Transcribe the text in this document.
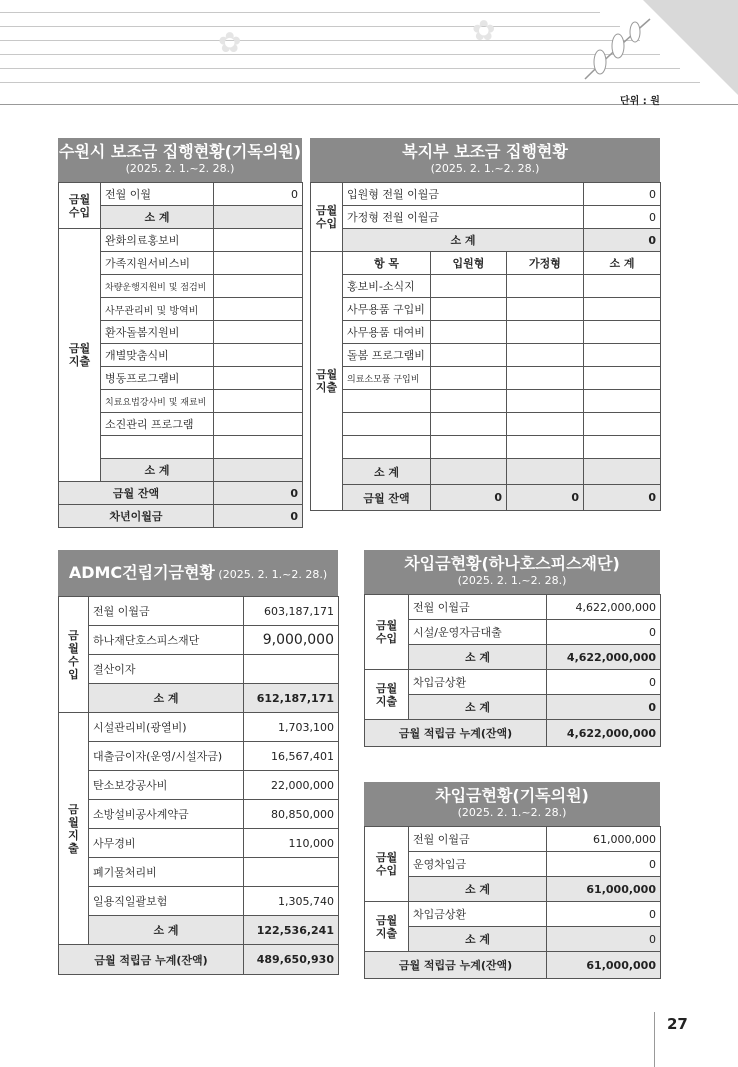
✿	✿
단위 : 원
수원시 보조금 집행현황(기독의원)
(2025. 2. 1.~2. 28.)
금월 수입	전월 이월	0
	소 계	
금월 지출	완화의료홍보비	
	가족지원서비스비	
	차량운행지원비 및 점검비	
	사무관리비 및 방역비	
	환자돌봄지원비	
	개별맞춤식비	
	병동프로그램비	
	치료요법강사비 및 재료비	
	소진관리 프로그램	

	소 계	
금월 잔액		0
차년이월금		0
복지부 보조금 집행현황
(2025. 2. 1.~2. 28.)
금월 수입	입원형 전월 이월금			0
	가정형 전월 이월금			0
	소 계			0
금월 지출	항 목	입원형	가정형	소 계
	홍보비-소식지			
	사무용품 구입비			
	사무용품 대여비			
	돌봄 프로그램비			
	의료소모품 구입비			

	소 계			
	금월 잔액	0	0	0
ADMC건립기금현황 (2025. 2. 1.~2. 28.)
금월 수입	전월 이월금	603,187,171
	하나재단호스피스재단	9,000,000
	결산이자	
	소 계	612,187,171
금월 지출	시설관리비(광열비)	1,703,100
	대출금이자(운영/시설자금)	16,567,401
	탄소보강공사비	22,000,000
	소방설비공사계약금	80,850,000
	사무경비	110,000
	폐기물처리비	
	일용직일괄보험	1,305,740
	소 계	122,536,241
금월 적립금 누계(잔액)		489,650,930
차입금현황(하나호스피스재단)
(2025. 2. 1.~2. 28.)
금월 수입	전월 이월금	4,622,000,000
	시설/운영자금대출	0
	소 계	4,622,000,000
금월 지출	차입금상환	0
	소 계	0
금월 적립금 누계(잔액)		4,622,000,000
차입금현황(기독의원)
(2025. 2. 1.~2. 28.)
금월 수입	전월 이월금	61,000,000
	운영차입금	0
	소 계	61,000,000
금월 지출	차입금상환	0
	소 계	0
금월 적립금 누계(잔액)		61,000,000
27
